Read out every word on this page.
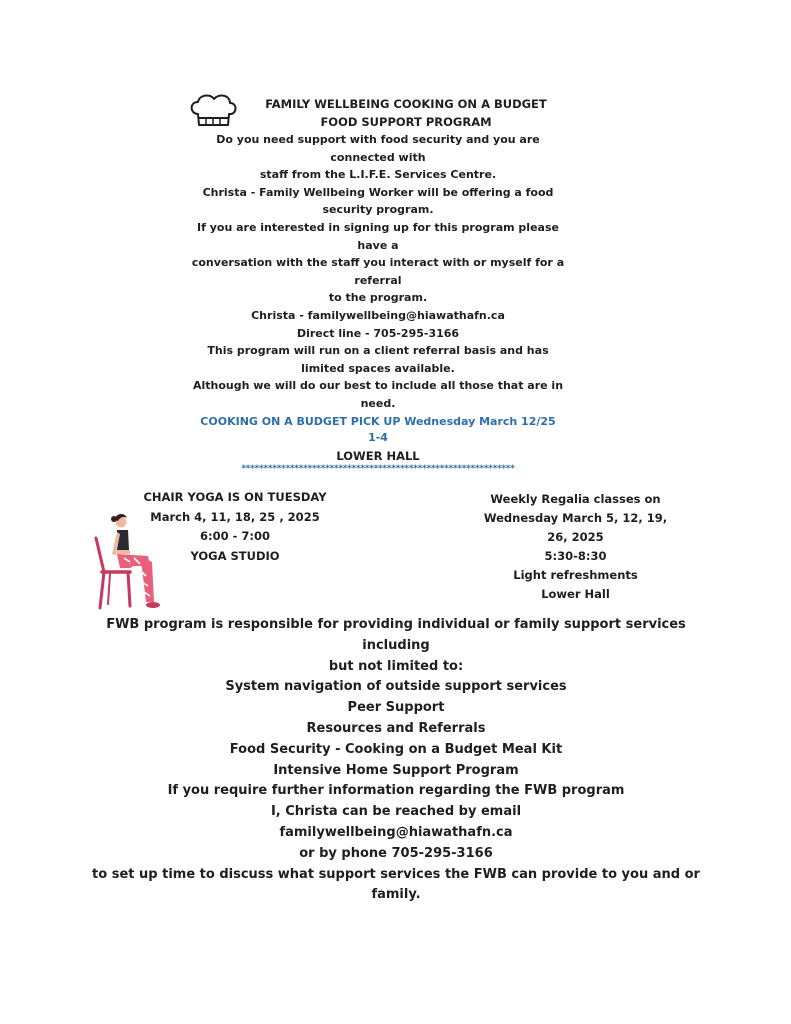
FAMILY WELLBEING COOKING ON A BUDGET
FOOD SUPPORT PROGRAM
Do you need support with food security and you are
connected with
staff from the L.I.F.E. Services Centre.
Christa - Family Wellbeing Worker will be offering a food
security program.
If you are interested in signing up for this program please
have a
conversation with the staff you interact with or myself for a
referral
to the program.
Christa - familywellbeing@hiawathafn.ca
Direct line - 705-295-3166
This program will run on a client referral basis and has
limited spaces available.
Although we will do our best to include all those that are in
need.
COOKING ON A BUDGET PICK UP Wednesday March 12/25
1-4
LOWER HALL
**************************************************************
CHAIR YOGA IS ON TUESDAY
March 4, 11, 18, 25 , 2025
6:00 - 7:00
YOGA STUDIO
Weekly Regalia classes on
Wednesday March 5, 12, 19,
26, 2025
5:30-8:30
Light refreshments
Lower Hall
FWB program is responsible for providing individual or family support services
including
but not limited to:
System navigation of outside support services
Peer Support
Resources and Referrals
Food Security - Cooking on a Budget Meal Kit
Intensive Home Support Program
If you require further information regarding the FWB program
I, Christa can be reached by email
familywellbeing@hiawathafn.ca
or by phone 705-295-3166
to set up time to discuss what support services the FWB can provide to you and or
family.
